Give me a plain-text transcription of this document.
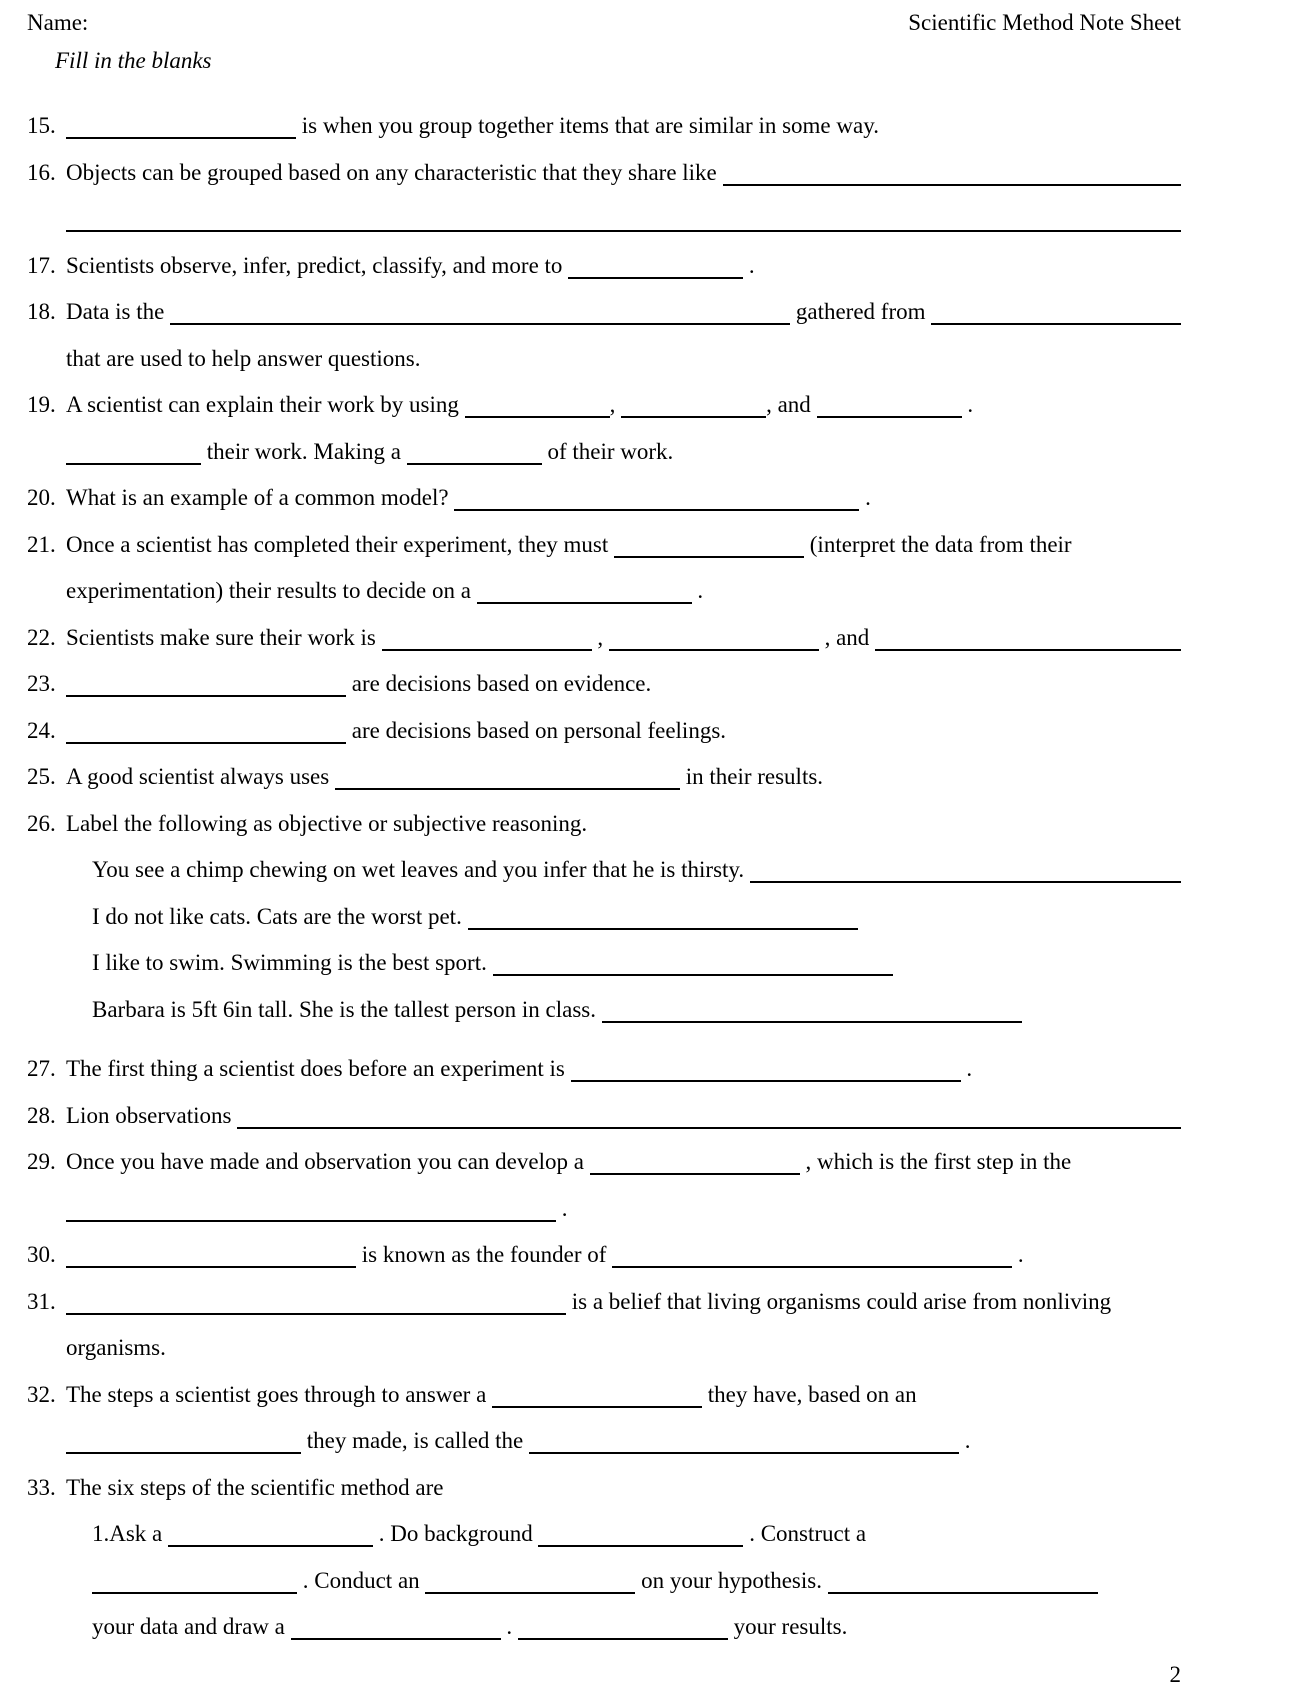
Name:	Scientific Method Note Sheet
Fill in the blanks
15.	is when you group together items that are similar in some way.
16. Objects can be grouped based on any characteristic that they share like
17. Scientists observe, infer, predict, classify, and more to	.
18. Data is the	gathered from
that are used to help answer questions.
19. A scientist can explain their work by using	,	, and	.
their work. Making a	of their work.
20. What is an example of a common model?	.
21. Once a scientist has completed their experiment, they must	(interpret the data from their
experimentation) their results to decide on a	.
22. Scientists make sure their work is	,	, and
23.	are decisions based on evidence.
24.	are decisions based on personal feelings.
25. A good scientist always uses	in their results.
26. Label the following as objective or subjective reasoning.
You see a chimp chewing on wet leaves and you infer that he is thirsty.
I do not like cats. Cats are the worst pet.
I like to swim. Swimming is the best sport.
Barbara is 5ft 6in tall. She is the tallest person in class.
27. The first thing a scientist does before an experiment is	.
28. Lion observations
29. Once you have made and observation you can develop a	, which is the first step in the
.
30.	is known as the founder of	.
31.	is a belief that living organisms could arise from nonliving
organisms.
32. The steps a scientist goes through to answer a	they have, based on an
they made, is called the	.
33. The six steps of the scientific method are
1.Ask a	. Do background	. Construct a
. Conduct an	on your hypothesis.
your data and draw a	.	your results.
2
